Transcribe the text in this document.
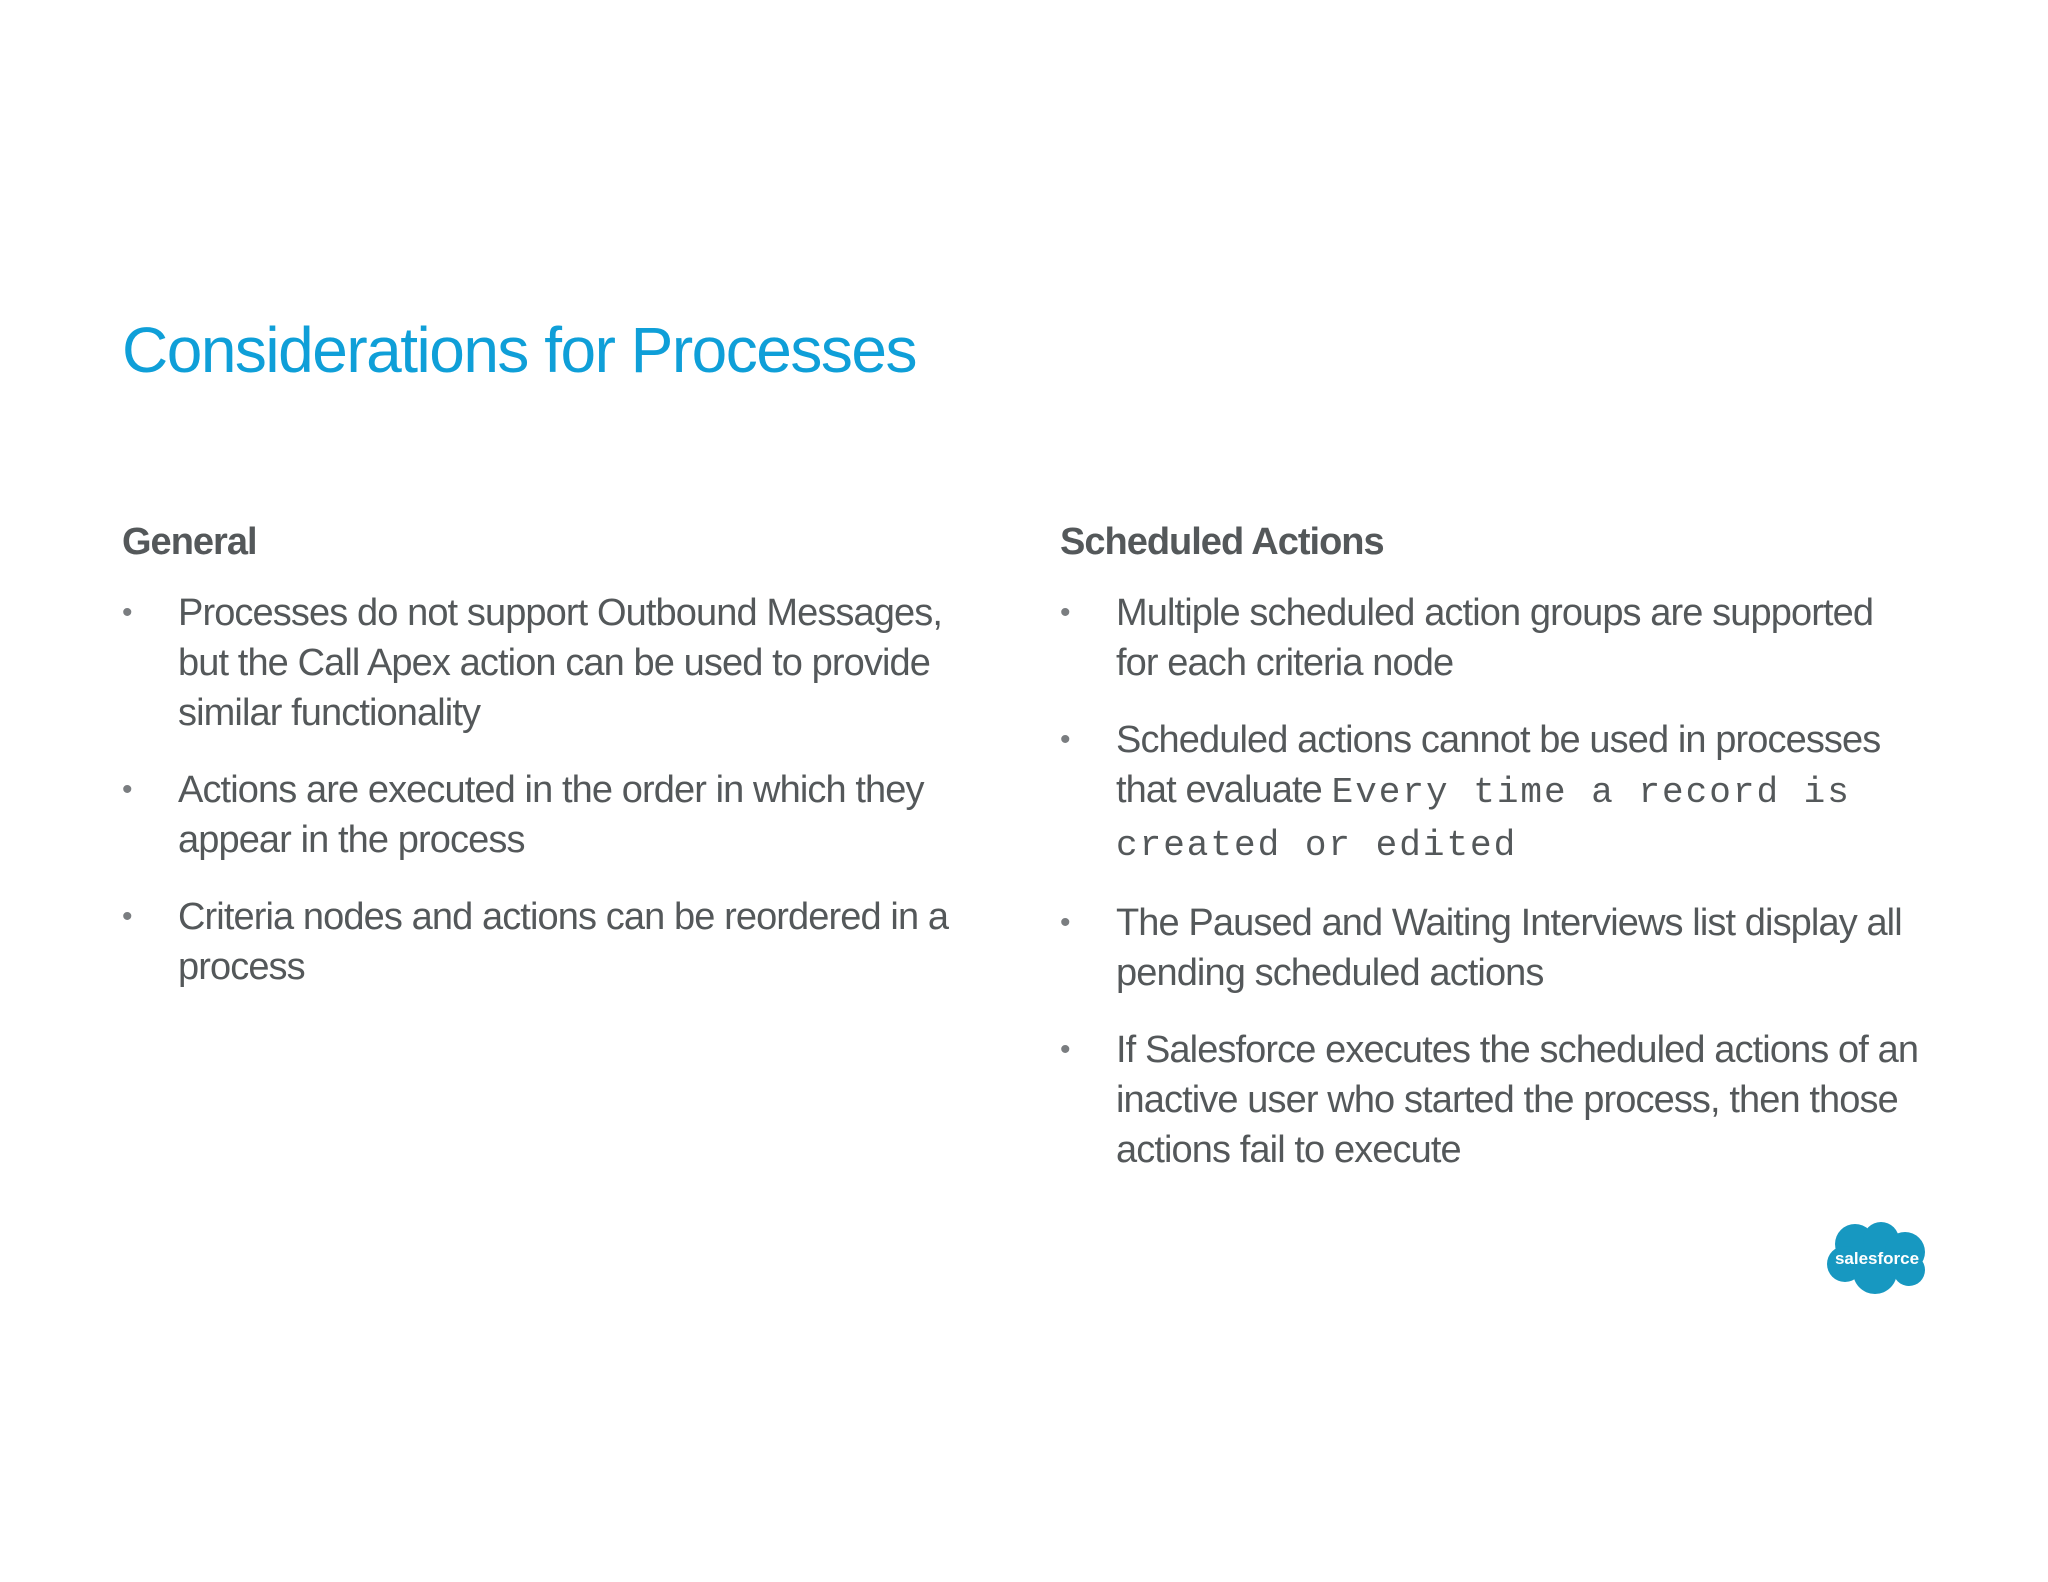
Considerations for Processes
General
• Processes do not support Outbound Messages, but the Call Apex action can be used to provide similar functionality
• Actions are executed in the order in which they appear in the process
• Criteria nodes and actions can be reordered in a process
Scheduled Actions
• Multiple scheduled action groups are supported for each criteria node
• Scheduled actions cannot be used in processes that evaluate Every time a record is created or edited
• The Paused and Waiting Interviews list display all pending scheduled actions
• If Salesforce executes the scheduled actions of an inactive user who started the process, then those actions fail to execute
salesforce
